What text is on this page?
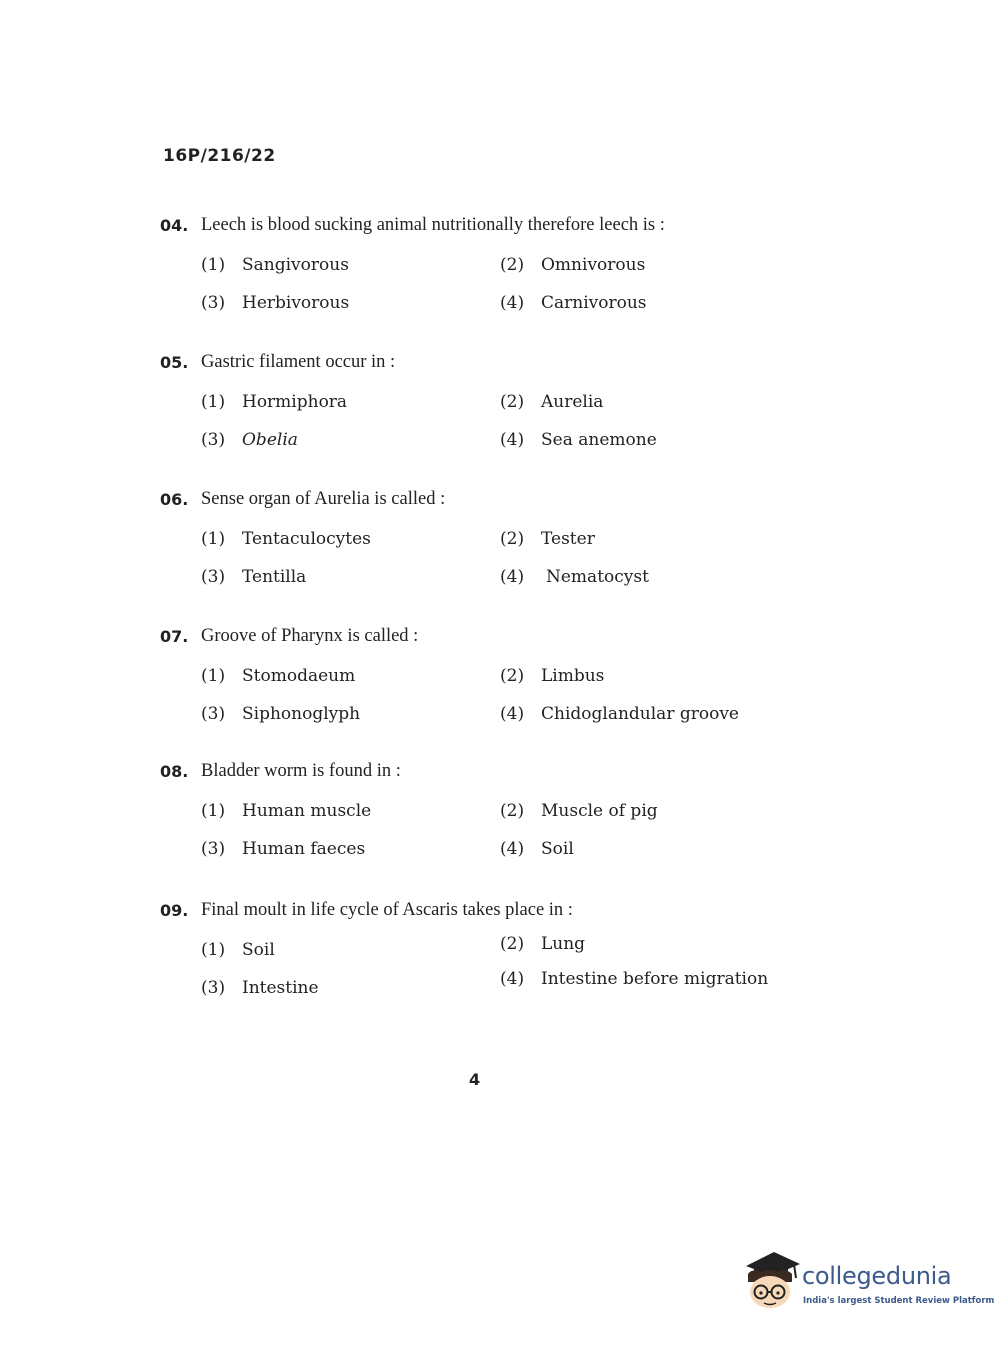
16P/216/22
04. Leech is blood sucking animal nutritionally therefore leech is :
(1) Sangivorous	(2) Omnivorous
(3) Herbivorous	(4) Carnivorous
05. Gastric filament occur in :
(1) Hormiphora	(2) Aurelia
(3) Obelia	(4) Sea anemone
06. Sense organ of Aurelia is called :
(1) Tentaculocytes	(2) Tester
(3) Tentilla	(4) Nematocyst
07. Groove of Pharynx is called :
(1) Stomodaeum	(2) Limbus
(3) Siphonoglyph	(4) Chidoglandular groove
08. Bladder worm is found in :
(1) Human muscle	(2) Muscle of pig
(3) Human faeces	(4) Soil
09. Final moult in life cycle of Ascaris takes place in :
(1) Soil	(2) Lung
(3) Intestine	(4) Intestine before migration
4
collegedunia
India's largest Student Review Platform
